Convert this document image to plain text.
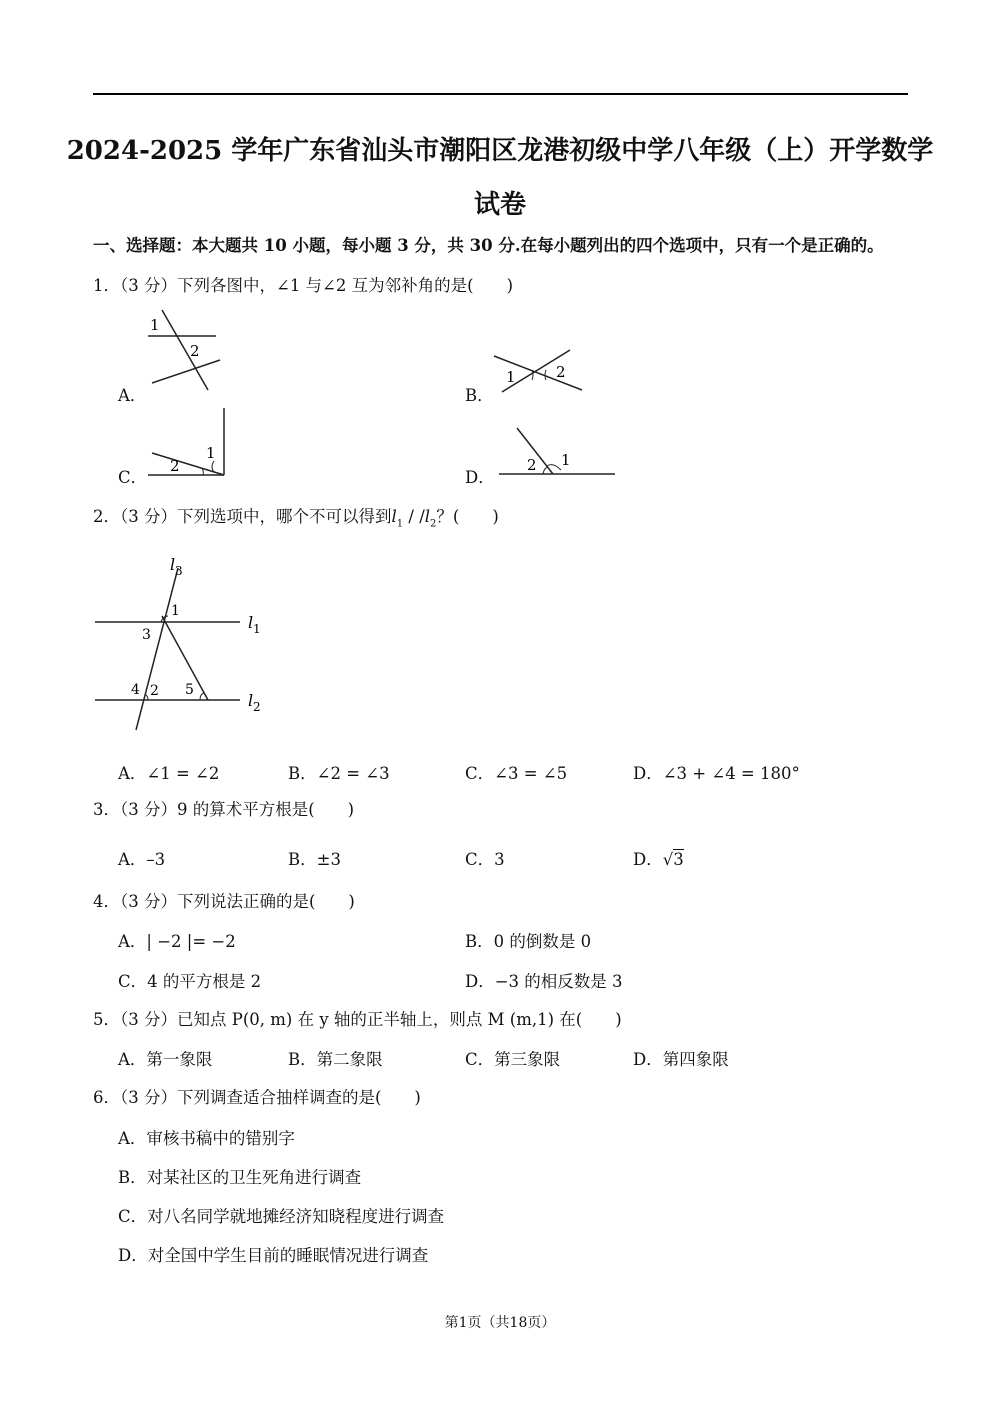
2024-2025 学年广东省汕头市潮阳区龙港初级中学八年级（上）开学数学
试卷
一、选择题：本大题共 10 小题，每小题 3 分，共 30 分.在每小题列出的四个选项中，只有一个是正确的。
1．（3 分）下列各图中，∠1 与∠2 互为邻补角的是(　　)
A．	B．
C．	D．
1
2
1	2
1
2	1
2
2．（3 分）下列选项中，哪个不可以得到$l_1 / /l_2$？(　　)
l 3
l 1
l 2
1
2
3
4	5
A．∠1 = ∠2	B．∠2 = ∠3	C．∠3 = ∠5	D．∠3 + ∠4 = 180°
3．（3 分）9 的算术平方根是(　　)
A．–3	B．±3	C．3	D．√3
4．（3 分）下列说法正确的是(　　)
A．| −2 |= −2	B．0 的倒数是 0
C．4 的平方根是 2	D．−3 的相反数是 3
5．（3 分）已知点 P(0, m) 在 y 轴的正半轴上，则点 M (m,1) 在(　　)
A．第一象限	B．第二象限	C．第三象限	D．第四象限
6．（3 分）下列调查适合抽样调查的是(　　)
A．审核书稿中的错别字
B．对某社区的卫生死角进行调查
C．对八名同学就地摊经济知晓程度进行调查
D．对全国中学生目前的睡眠情况进行调查
第1页（共18页）
